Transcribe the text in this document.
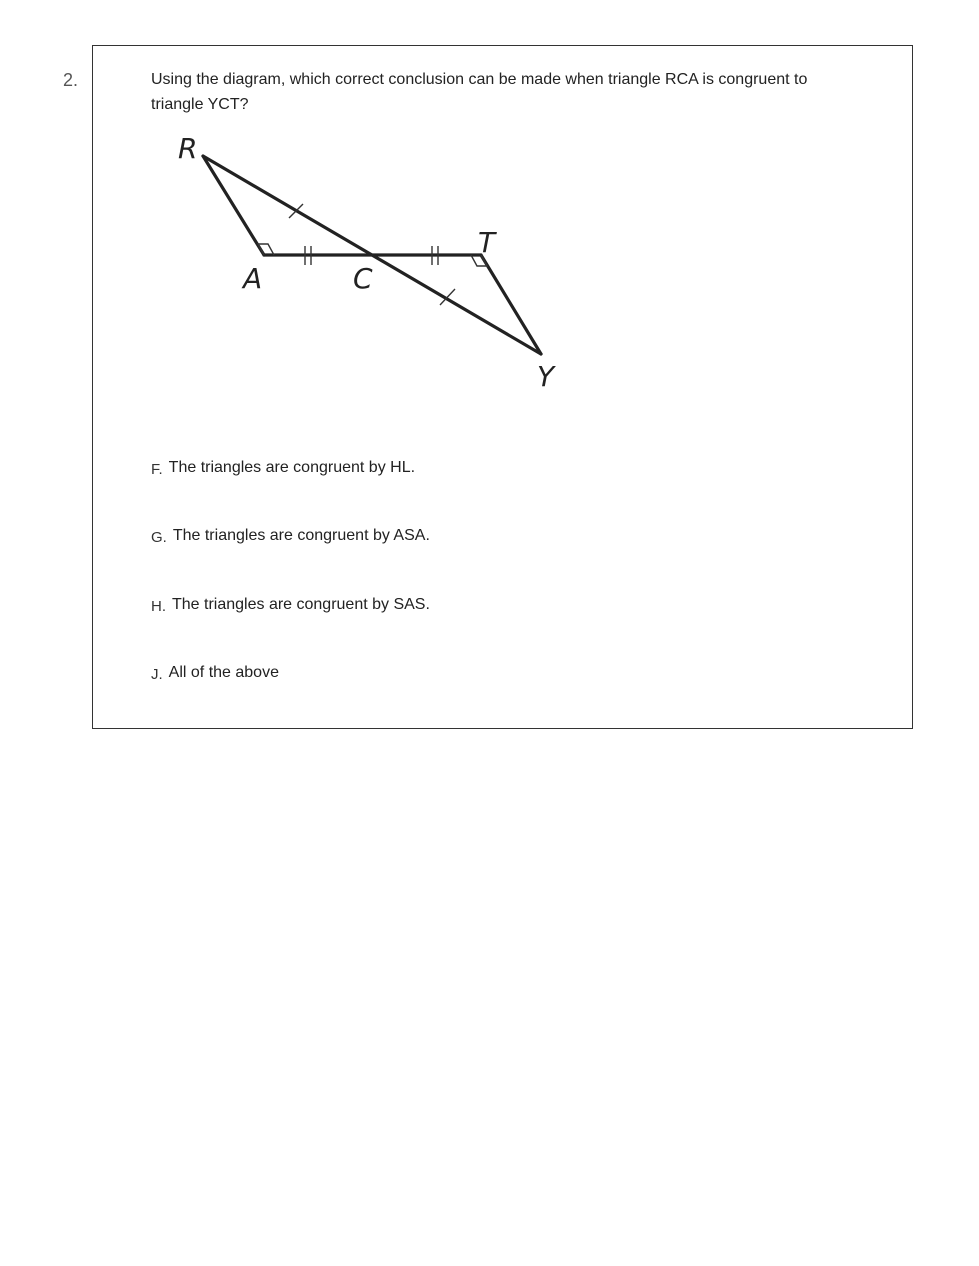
2.	Using the diagram, which correct conclusion can be made when triangle RCA is congruent to triangle YCT?
R
A	C
T
Y
F. The triangles are congruent by HL.
G. The triangles are congruent by ASA.
H. The triangles are congruent by SAS.
J. All of the above
